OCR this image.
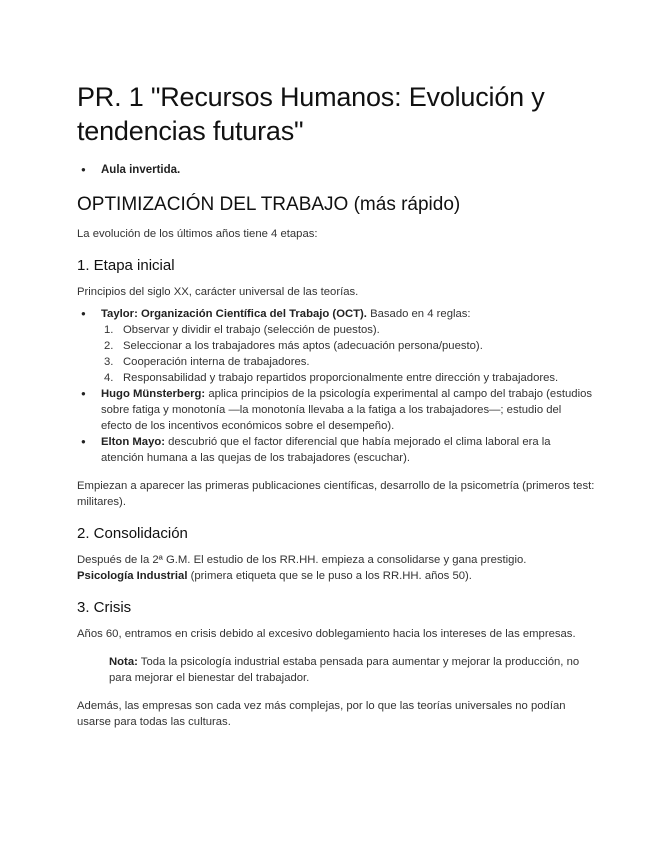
PR. 1 "Recursos Humanos: Evolución y tendencias futuras"
● Aula invertida.
OPTIMIZACIÓN DEL TRABAJO (más rápido)

La evolución de los últimos años tiene 4 etapas:

1. Etapa inicial

Principios del siglo XX, carácter universal de las teorías.

● Taylor: Organización Científica del Trabajo (OCT). Basado en 4 reglas:
1. Observar y dividir el trabajo (selección de puestos).
2. Seleccionar a los trabajadores más aptos (adecuación persona/puesto).
3. Cooperación interna de trabajadores.
4. Responsabilidad y trabajo repartidos proporcionalmente entre dirección y trabajadores.
● Hugo Münsterberg: aplica principios de la psicología experimental al campo del trabajo (estudios sobre fatiga y monotonía —la monotonía llevaba a la fatiga a los trabajadores—; estudio del efecto de los incentivos económicos sobre el desempeño).
● Elton Mayo: descubrió que el factor diferencial que había mejorado el clima laboral era la atención humana a las quejas de los trabajadores (escuchar).

Empiezan a aparecer las primeras publicaciones científicas, desarrollo de la psicometría (primeros test: militares).

2. Consolidación

Después de la 2ª G.M. El estudio de los RR.HH. empieza a consolidarse y gana prestigio.
Psicología Industrial (primera etiqueta que se le puso a los RR.HH. años 50).

3. Crisis

Años 60, entramos en crisis debido al excesivo doblegamiento hacia los intereses de las empresas.

Nota: Toda la psicología industrial estaba pensada para aumentar y mejorar la producción, no para mejorar el bienestar del trabajador.

Además, las empresas son cada vez más complejas, por lo que las teorías universales no podían usarse para todas las culturas.
